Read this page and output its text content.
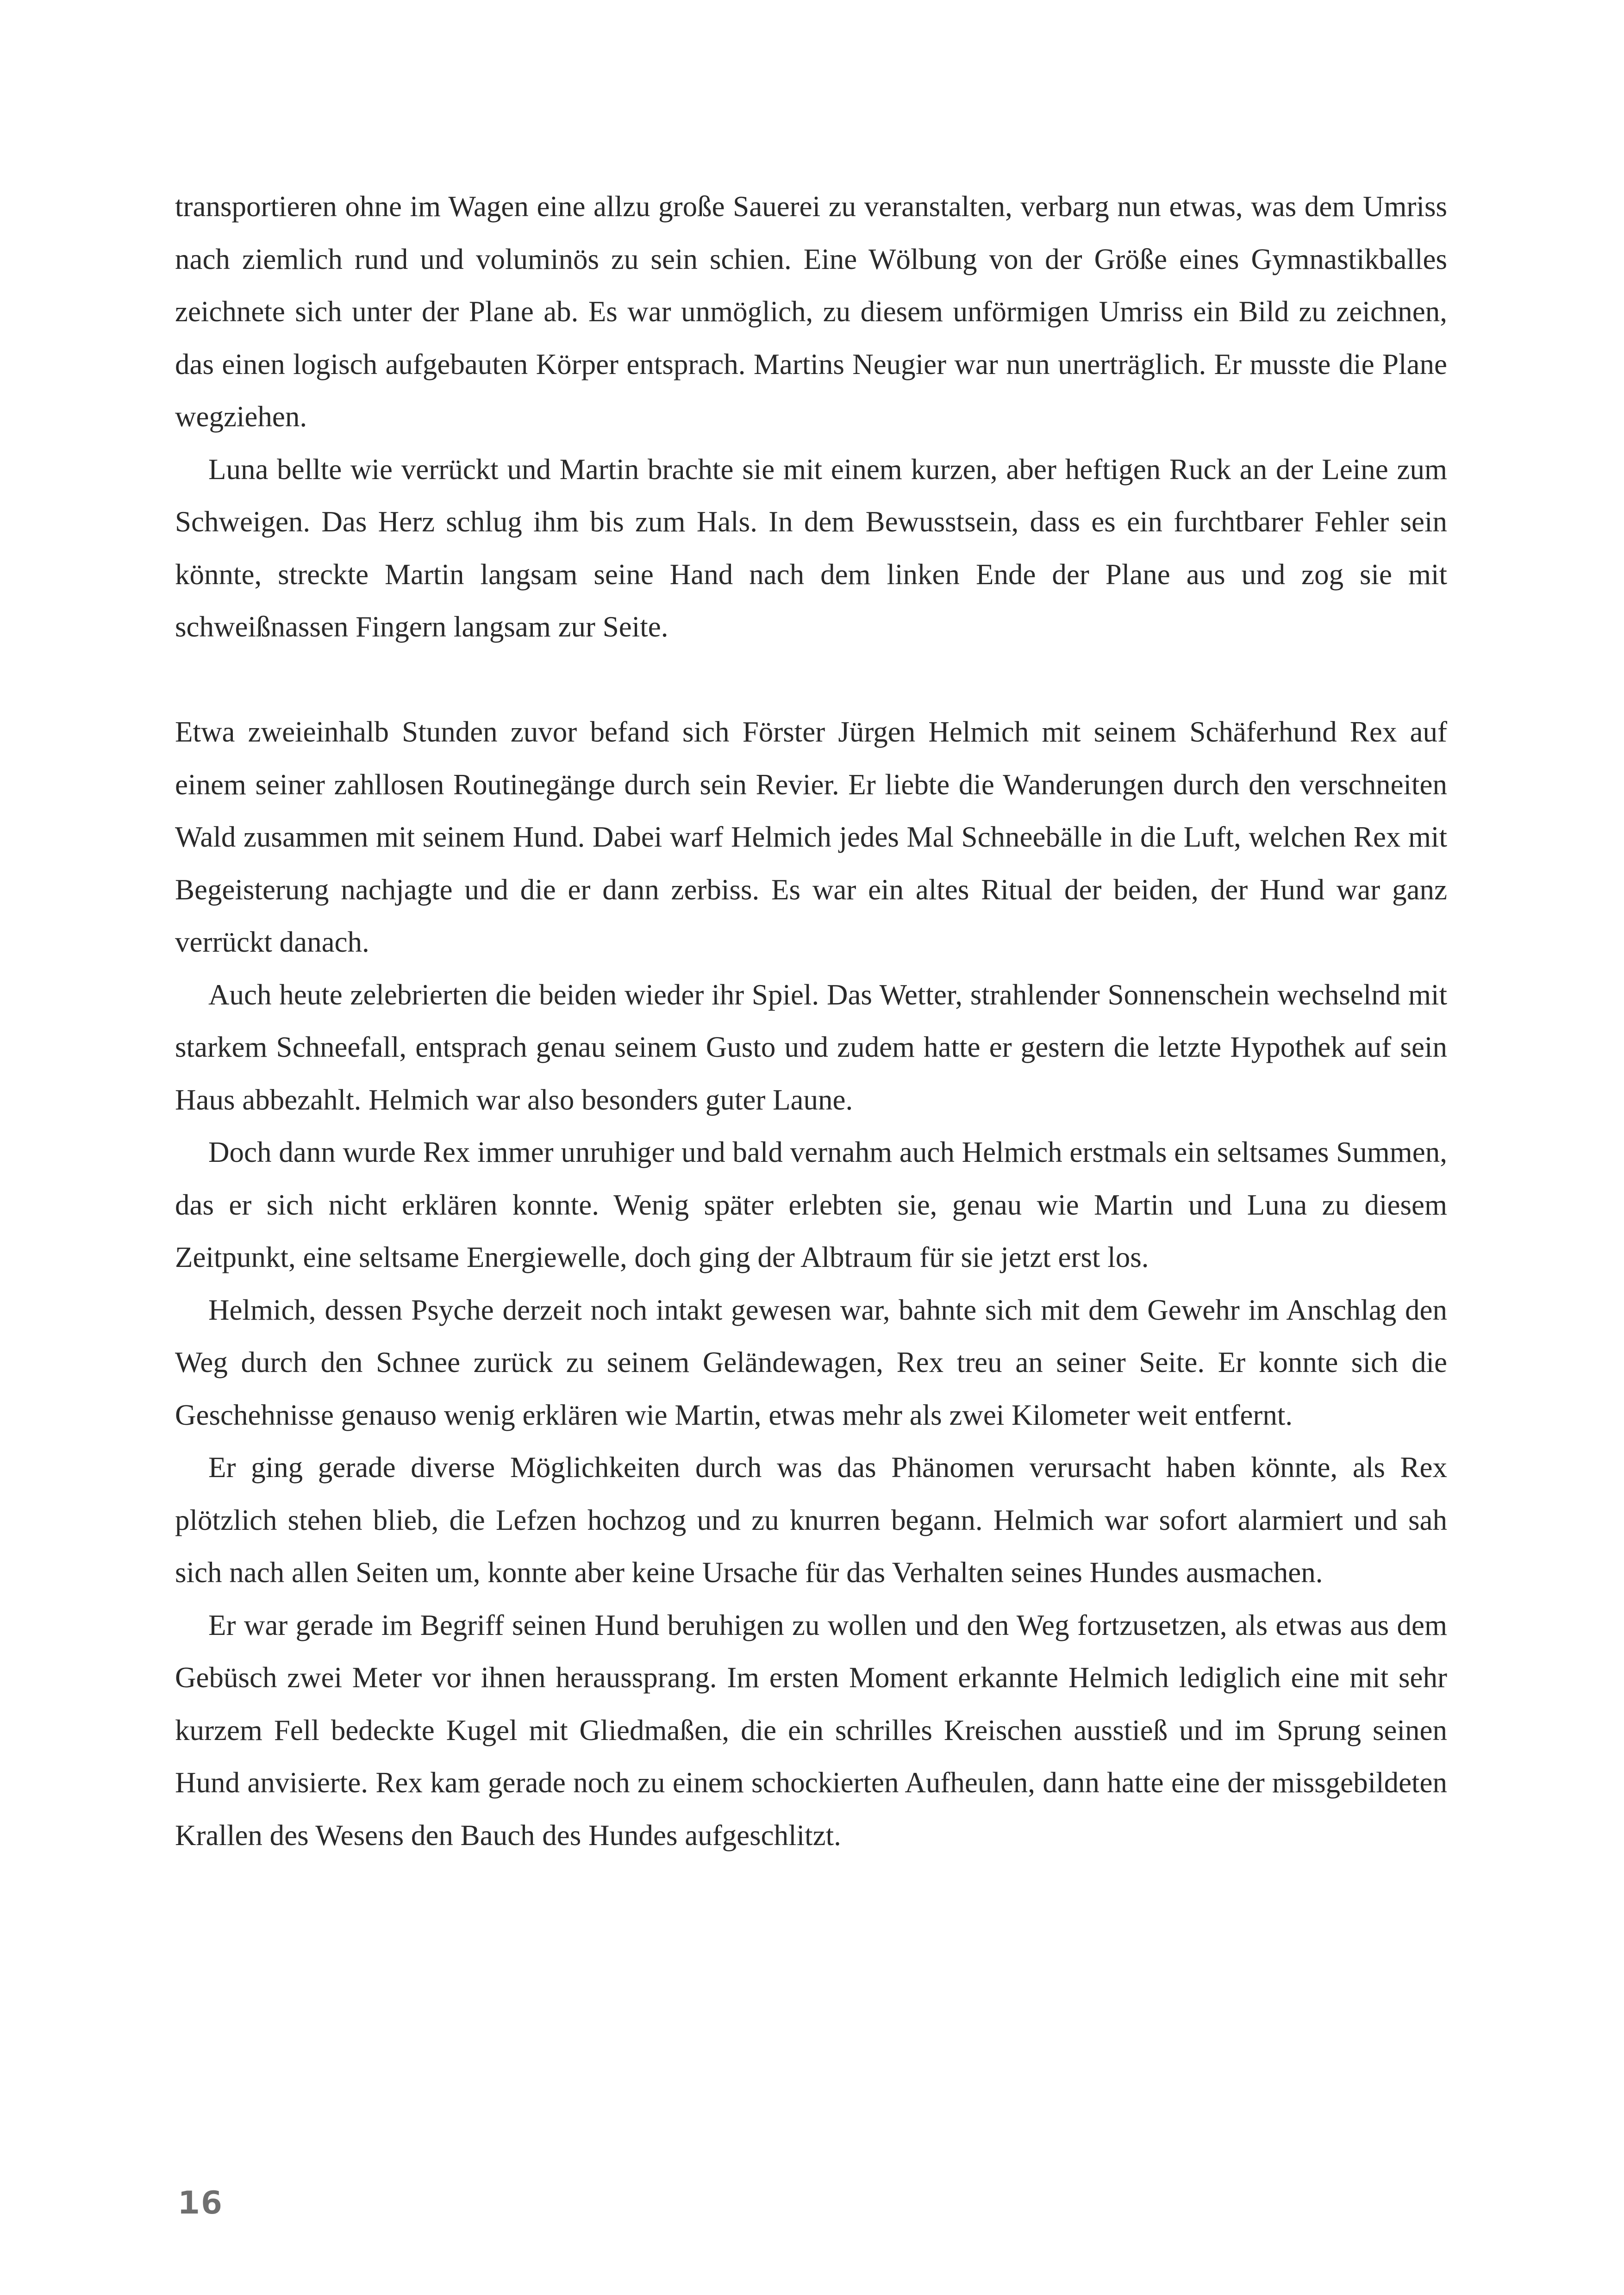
transportieren ohne im Wagen eine allzu große Sauerei zu veranstalten, verbarg nun etwas, was dem Umriss nach ziemlich rund und voluminös zu sein schien. Eine Wölbung von der Größe eines Gymnastikballes zeichnete sich unter der Plane ab. Es war unmöglich, zu diesem unförmigen Umriss ein Bild zu zeichnen, das einen logisch aufgebauten Körper entsprach. Martins Neugier war nun unerträglich. Er musste die Plane wegziehen.

Luna bellte wie verrückt und Martin brachte sie mit einem kurzen, aber heftigen Ruck an der Leine zum Schweigen. Das Herz schlug ihm bis zum Hals. In dem Bewusstsein, dass es ein furchtbarer Fehler sein könnte, streckte Martin langsam seine Hand nach dem linken Ende der Plane aus und zog sie mit schweißnassen Fingern langsam zur Seite.

Etwa zweieinhalb Stunden zuvor befand sich Förster Jürgen Helmich mit seinem Schäferhund Rex auf einem seiner zahllosen Routinegänge durch sein Revier. Er liebte die Wanderungen durch den verschneiten Wald zusammen mit seinem Hund. Dabei warf Helmich jedes Mal Schneebälle in die Luft, welchen Rex mit Begeisterung nachjagte und die er dann zerbiss. Es war ein altes Ritual der beiden, der Hund war ganz verrückt danach.

Auch heute zelebrierten die beiden wieder ihr Spiel. Das Wetter, strahlender Sonnenschein wechselnd mit starkem Schneefall, entsprach genau seinem Gusto und zudem hatte er gestern die letzte Hypothek auf sein Haus abbezahlt. Helmich war also besonders guter Laune.

Doch dann wurde Rex immer unruhiger und bald vernahm auch Helmich erstmals ein seltsames Summen, das er sich nicht erklären konnte. Wenig später erlebten sie, genau wie Martin und Luna zu diesem Zeitpunkt, eine seltsame Energiewelle, doch ging der Albtraum für sie jetzt erst los.

Helmich, dessen Psyche derzeit noch intakt gewesen war, bahnte sich mit dem Gewehr im Anschlag den Weg durch den Schnee zurück zu seinem Geländewagen, Rex treu an seiner Seite. Er konnte sich die Geschehnisse genauso wenig erklären wie Martin, etwas mehr als zwei Kilometer weit entfernt.

Er ging gerade diverse Möglichkeiten durch was das Phänomen verursacht haben könnte, als Rex plötzlich stehen blieb, die Lefzen hochzog und zu knurren begann. Helmich war sofort alarmiert und sah sich nach allen Seiten um, konnte aber keine Ursache für das Verhalten seines Hundes ausmachen.

Er war gerade im Begriff seinen Hund beruhigen zu wollen und den Weg fortzusetzen, als etwas aus dem Gebüsch zwei Meter vor ihnen heraussprang. Im ersten Moment erkannte Helmich lediglich eine mit sehr kurzem Fell bedeckte Kugel mit Gliedmaßen, die ein schrilles Kreischen ausstieß und im Sprung seinen Hund anvisierte. Rex kam gerade noch zu einem schockierten Aufheulen, dann hatte eine der missgebildeten Krallen des Wesens den Bauch des Hundes aufgeschlitzt.

16
